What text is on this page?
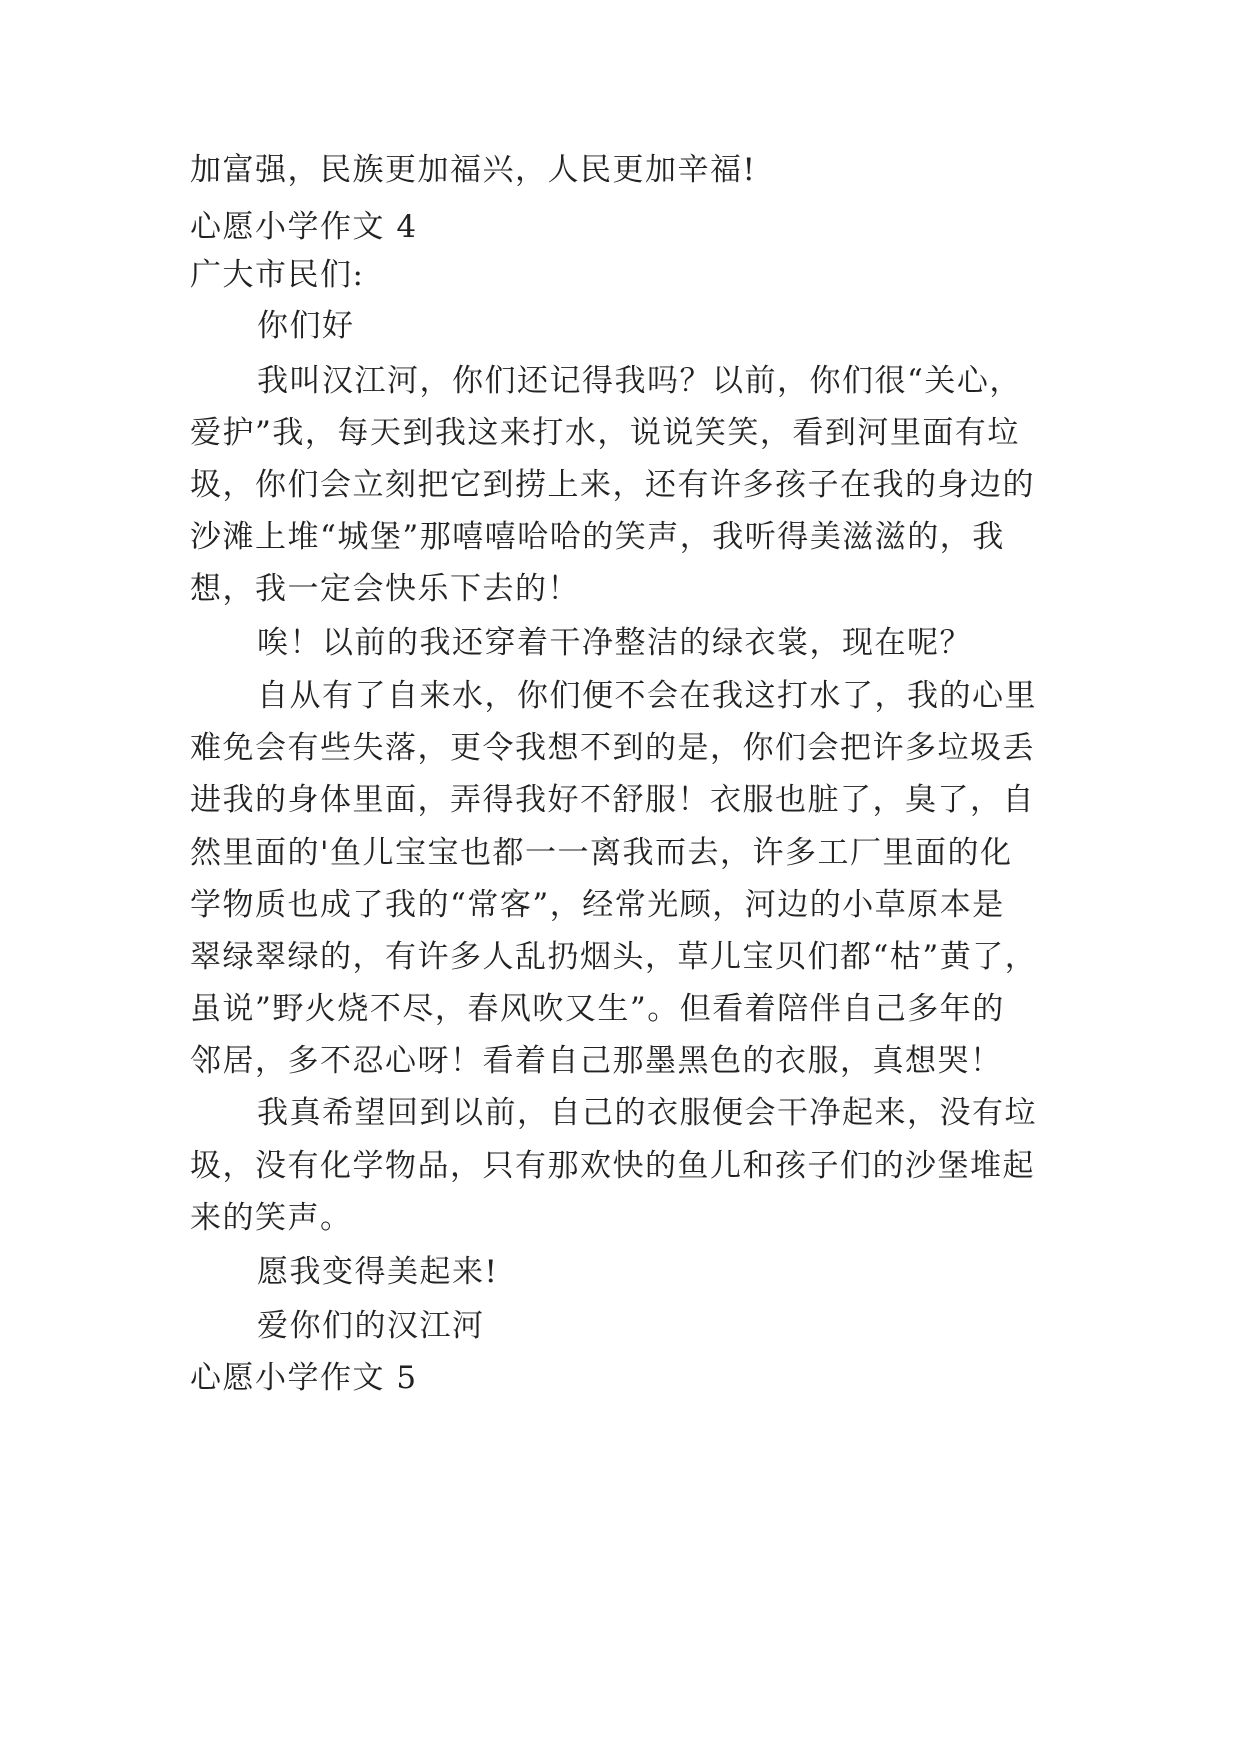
加富强，民族更加福兴，人民更加辛福!
心愿小学作文 4
广大市民们:
你们好
我叫汉江河，你们还记得我吗？以前，你们很“关心，
爱护”我，每天到我这来打水，说说笑笑，看到河里面有垃
圾，你们会立刻把它到捞上来，还有许多孩子在我的身边的
沙滩上堆“城堡”那嘻嘻哈哈的笑声，我听得美滋滋的，我
想，我一定会快乐下去的！
唉！以前的我还穿着干净整洁的绿衣裳，现在呢？
自从有了自来水，你们便不会在我这打水了，我的心里
难免会有些失落，更令我想不到的是，你们会把许多垃圾丢
进我的身体里面，弄得我好不舒服！衣服也脏了，臭了，自
然里面的'鱼儿宝宝也都一一离我而去，许多工厂里面的化
学物质也成了我的“常客”，经常光顾，河边的小草原本是
翠绿翠绿的，有许多人乱扔烟头，草儿宝贝们都“枯”黄了，
虽说”野火烧不尽，春风吹又生”。但看着陪伴自己多年的
邻居，多不忍心呀！看着自己那墨黑色的衣服，真想哭！
我真希望回到以前，自己的衣服便会干净起来，没有垃
圾，没有化学物品，只有那欢快的鱼儿和孩子们的沙堡堆起
来的笑声。
愿我变得美起来!
爱你们的汉江河
心愿小学作文 5
